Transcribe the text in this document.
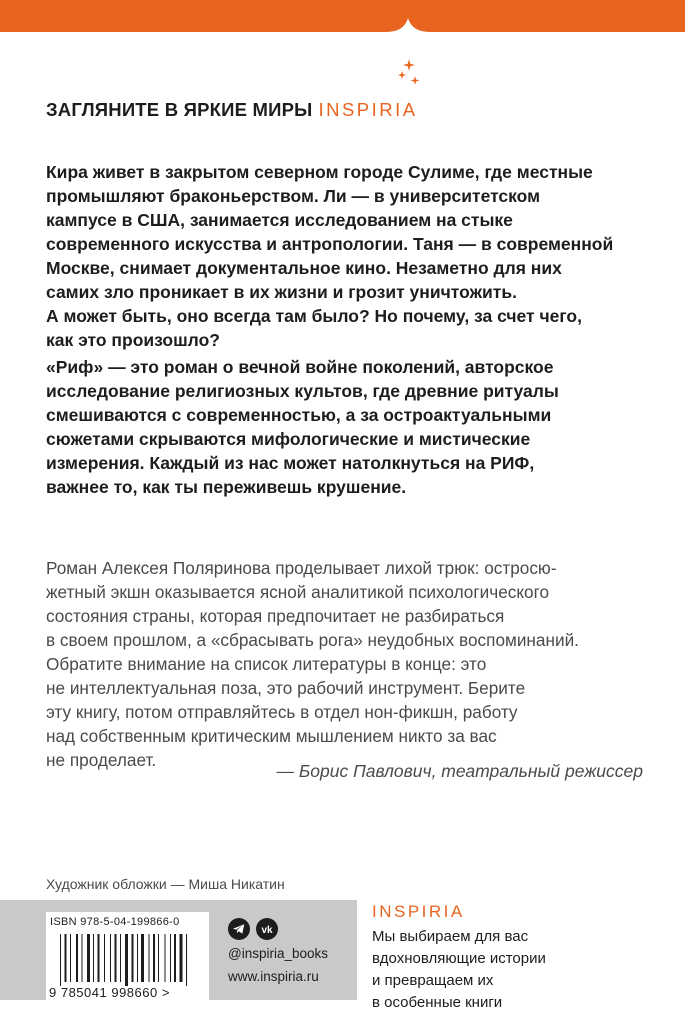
ЗАГЛЯНИТЕ В ЯРКИЕ МИРЫ INSPIRIA

Кира живет в закрытом северном городе Сулиме, где местные
промышляют браконьерством. Ли — в университетском
кампусе в США, занимается исследованием на стыке
современного искусства и антропологии. Таня — в современной
Москве, снимает документальное кино. Незаметно для них
самих зло проникает в их жизни и грозит уничтожить.
А может быть, оно всегда там было? Но почему, за счет чего,
как это произошло?

«Риф» — это роман о вечной войне поколений, авторское
исследование религиозных культов, где древние ритуалы
смешиваются с современностью, а за остроактуальными
сюжетами скрываются мифологические и мистические
измерения. Каждый из нас может натолкнуться на РИФ,
важнее то, как ты переживешь крушение.

Роман Алексея Поляринова проделывает лихой трюк: остросю-
жетный экшн оказывается ясной аналитикой психологического
состояния страны, которая предпочитает не разбираться
в своем прошлом, а «сбрасывать рога» неудобных воспоминаний.
Обратите внимание на список литературы в конце: это
не интеллектуальная поза, это рабочий инструмент. Берите
эту книгу, потом отправляйтесь в отдел нон-фикшн, работу
над собственным критическим мышлением никто за вас
не проделает.

— Борис Павлович, театральный режиссер
Художник обложки — Миша Никатин
ISBN 978-5-04-199866-0
9 785041 998660 >
vk
@inspiria_books
www.inspiria.ru
INSPIRIA

Мы выбираем для вас
вдохновляющие истории
и превращаем их
в особенные книги
